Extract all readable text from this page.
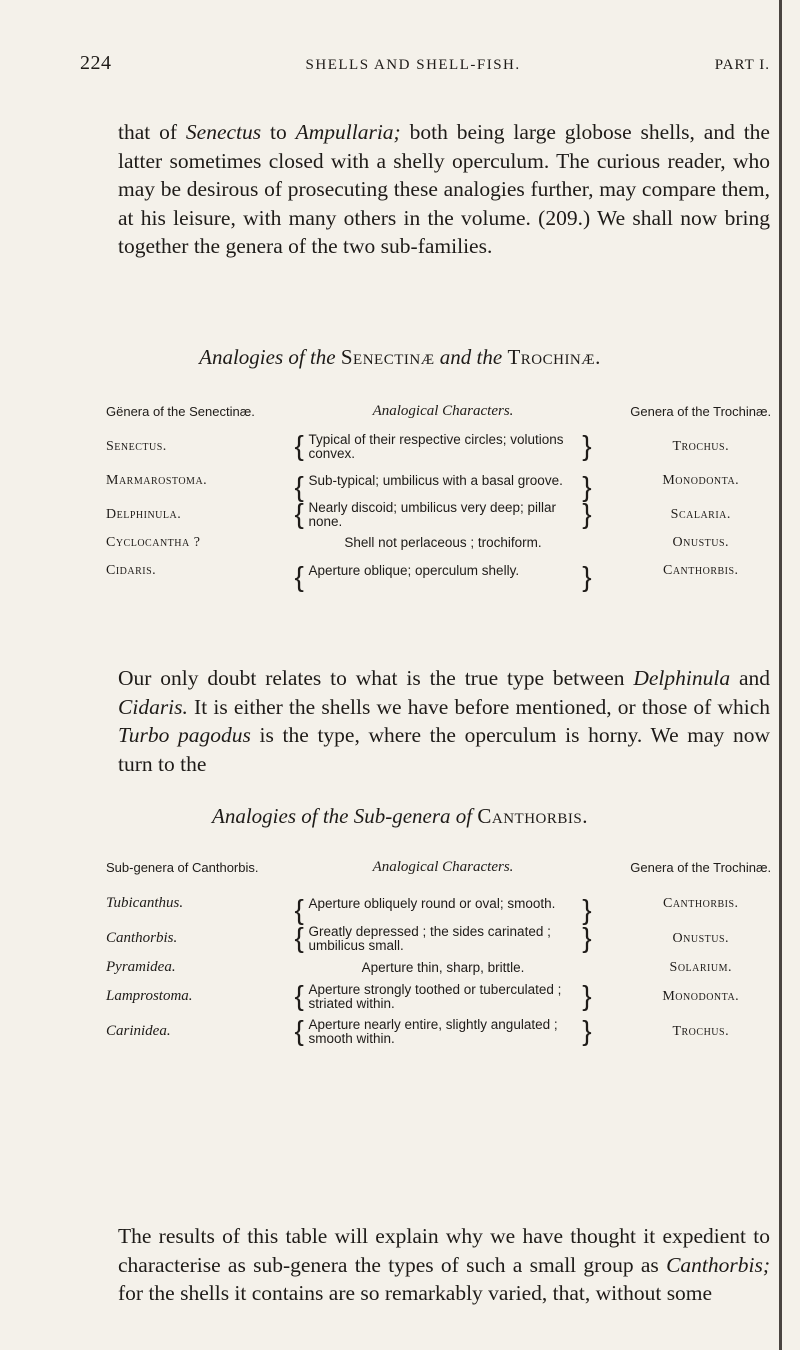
224	SHELLS AND SHELL-FISH.	PART I.
that of Senectus to Ampullaria; both being large globose shells, and the latter sometimes closed with a shelly operculum. The curious reader, who may be desirous of prosecuting these analogies further, may compare them, at his leisure, with many others in the volume. (209.) We shall now bring together the genera of the two sub-families.
Analogies of the Senectinæ and the Trochinæ.
Gënera of the Senectinæ.	Analogical Characters.	Genera of the Trochinæ.
Senectus.	{ Typical of their respective circles; volutions convex. }	Trochus.
Marmarostoma.	{ Sub-typical; umbilicus with a basal groove. }	Monodonta.
Delphinula.	{ Nearly discoid; umbilicus very deep; pillar none. }	Scalaria.
Cyclocantha ?	Shell not perlaceous ; trochiform.	Onustus.
Cidaris.	{ Aperture oblique; operculum shelly. }	Canthorbis.
Our only doubt relates to what is the true type between Delphinula and Cidaris. It is either the shells we have before mentioned, or those of which Turbo pagodus is the type, where the operculum is horny. We may now turn to the
Analogies of the Sub-genera of Canthorbis.
Sub-genera of Canthorbis.	Analogical Characters.	Genera of the Trochinæ.
Tubicanthus.	{ Aperture obliquely round or oval; smooth. }	Canthorbis.
Canthorbis.	{ Greatly depressed ; the sides carinated ; umbilicus small. }	Onustus.
Pyramidea.	Aperture thin, sharp, brittle.	Solarium.
Lamprostoma.	{ Aperture strongly toothed or tuberculated ; striated within. }	Monodonta.
Carinidea.	{ Aperture nearly entire, slightly angulated ; smooth within. }	Trochus.
The results of this table will explain why we have thought it expedient to characterise as sub-genera the types of such a small group as Canthorbis; for the shells it contains are so remarkably varied, that, without some
